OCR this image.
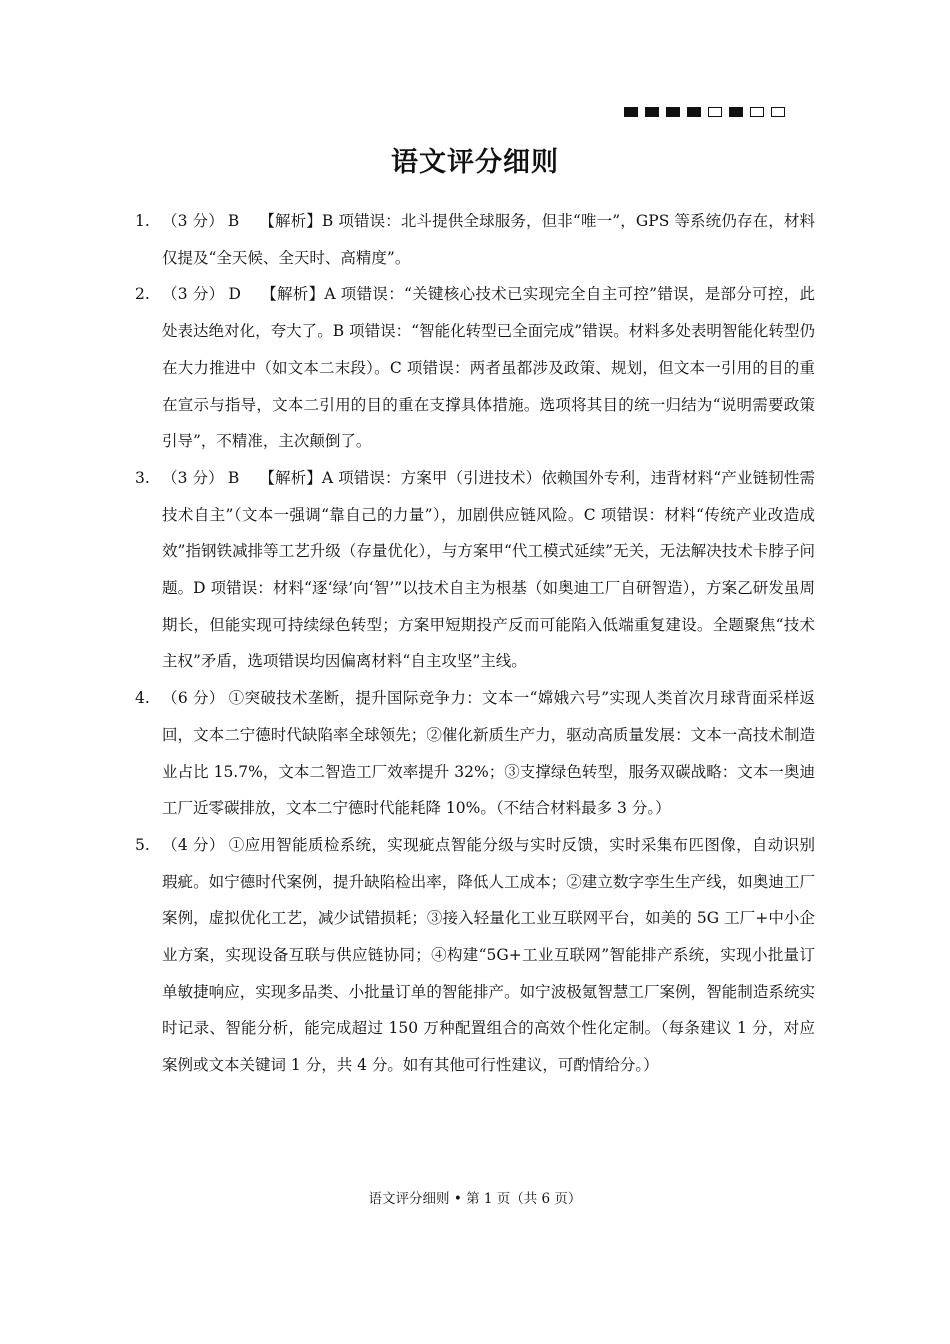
语文评分细则
1. （3 分） B 【解析】B 项错误：北斗提供全球服务，但非“唯一”，GPS 等系统仍存在，材料仅提及“全天候、全天时、高精度”。
2. （3 分） D 【解析】A 项错误：“关键核心技术已实现完全自主可控”错误，是部分可控，此处表达绝对化，夸大了。B 项错误：“智能化转型已全面完成”错误。材料多处表明智能化转型仍在大力推进中（如文本二末段）。C 项错误：两者虽都涉及政策、规划，但文本一引用的目的重在宣示与指导，文本二引用的目的重在支撑具体措施。选项将其目的统一归结为“说明需要政策引导”，不精准，主次颠倒了。
3. （3 分） B 【解析】A 项错误：方案甲（引进技术）依赖国外专利，违背材料“产业链韧性需技术自主”（文本一强调“靠自己的力量”），加剧供应链风险。C 项错误：材料“传统产业改造成效”指钢铁减排等工艺升级（存量优化），与方案甲“代工模式延续”无关，无法解决技术卡脖子问题。D 项错误：材料“逐‘绿’向‘智’”以技术自主为根基（如奥迪工厂自研智造），方案乙研发虽周期长，但能实现可持续绿色转型；方案甲短期投产反而可能陷入低端重复建设。全题聚焦“技术主权”矛盾，选项错误均因偏离材料“自主攻坚”主线。
4. （6 分） ①突破技术垄断，提升国际竞争力：文本一“嫦娥六号”实现人类首次月球背面采样返回，文本二宁德时代缺陷率全球领先；②催化新质生产力，驱动高质量发展：文本一高技术制造业占比 15.7%，文本二智造工厂效率提升 32%；③支撑绿色转型，服务双碳战略：文本一奥迪工厂近零碳排放，文本二宁德时代能耗降 10%。（不结合材料最多 3 分。）
5. （4 分） ①应用智能质检系统，实现疵点智能分级与实时反馈，实时采集布匹图像，自动识别瑕疵。如宁德时代案例，提升缺陷检出率，降低人工成本；②建立数字孪生生产线，如奥迪工厂案例，虚拟优化工艺，减少试错损耗；③接入轻量化工业互联网平台，如美的 5G 工厂+中小企业方案，实现设备互联与供应链协同；④构建“5G+工业互联网”智能排产系统，实现小批量订单敏捷响应，实现多品类、小批量订单的智能排产。如宁波极氪智慧工厂案例，智能制造系统实时记录、智能分析，能完成超过 150 万种配置组合的高效个性化定制。（每条建议 1 分，对应案例或文本关键词 1 分，共 4 分。如有其他可行性建议，可酌情给分。）
语文评分细则 • 第 1 页（共 6 页）
